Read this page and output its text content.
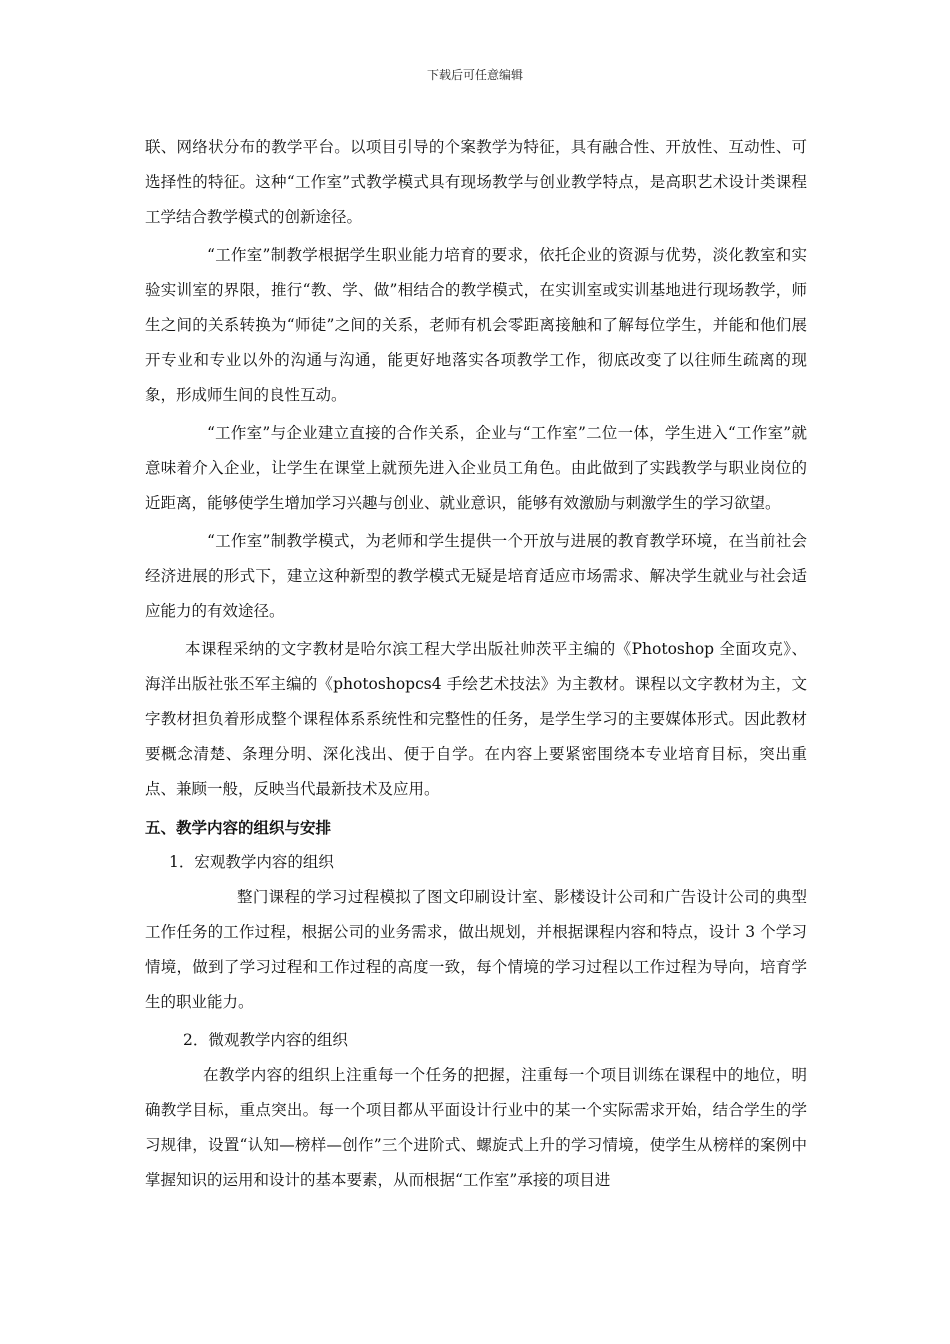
下载后可任意编辑

联、网络状分布的教学平台。以项目引导的个案教学为特征，具有融合性、开放性、互动性、可选择性的特征。这种“工作室”式教学模式具有现场教学与创业教学特点，是高职艺术设计类课程工学结合教学模式的创新途径。

“工作室”制教学根据学生职业能力培育的要求，依托企业的资源与优势，淡化教室和实验实训室的界限，推行“教、学、做”相结合的教学模式，在实训室或实训基地进行现场教学，师生之间的关系转换为“师徒”之间的关系，老师有机会零距离接触和了解每位学生，并能和他们展开专业和专业以外的沟通与沟通，能更好地落实各项教学工作，彻底改变了以往师生疏离的现象，形成师生间的良性互动。

“工作室”与企业建立直接的合作关系，企业与“工作室”二位一体，学生进入“工作室”就意味着介入企业，让学生在课堂上就预先进入企业员工角色。由此做到了实践教学与职业岗位的近距离，能够使学生增加学习兴趣与创业、就业意识，能够有效激励与刺激学生的学习欲望。

“工作室”制教学模式，为老师和学生提供一个开放与进展的教育教学环境，在当前社会经济进展的形式下，建立这种新型的教学模式无疑是培育适应市场需求、解决学生就业与社会适应能力的有效途径。

本课程采纳的文字教材是哈尔滨工程大学出版社帅茨平主编的《Photoshop 全面攻克》、海洋出版社张丕军主编的《photoshopcs4 手绘艺术技法》为主教材。课程以文字教材为主，文字教材担负着形成整个课程体系系统性和完整性的任务，是学生学习的主要媒体形式。因此教材要概念清楚、条理分明、深化浅出、便于自学。在内容上要紧密围绕本专业培育目标，突出重点、兼顾一般，反映当代最新技术及应用。

五、教学内容的组织与安排

1．宏观教学内容的组织

整门课程的学习过程模拟了图文印刷设计室、影楼设计公司和广告设计公司的典型工作任务的工作过程，根据公司的业务需求，做出规划，并根据课程内容和特点，设计 3 个学习情境，做到了学习过程和工作过程的高度一致，每个情境的学习过程以工作过程为导向，培育学生的职业能力。

2．微观教学内容的组织

在教学内容的组织上注重每一个任务的把握，注重每一个项目训练在课程中的地位，明确教学目标，重点突出。每一个项目都从平面设计行业中的某一个实际需求开始，结合学生的学习规律，设置“认知—榜样—创作”三个进阶式、螺旋式上升的学习情境，使学生从榜样的案例中掌握知识的运用和设计的基本要素，从而根据“工作室”承接的项目进
